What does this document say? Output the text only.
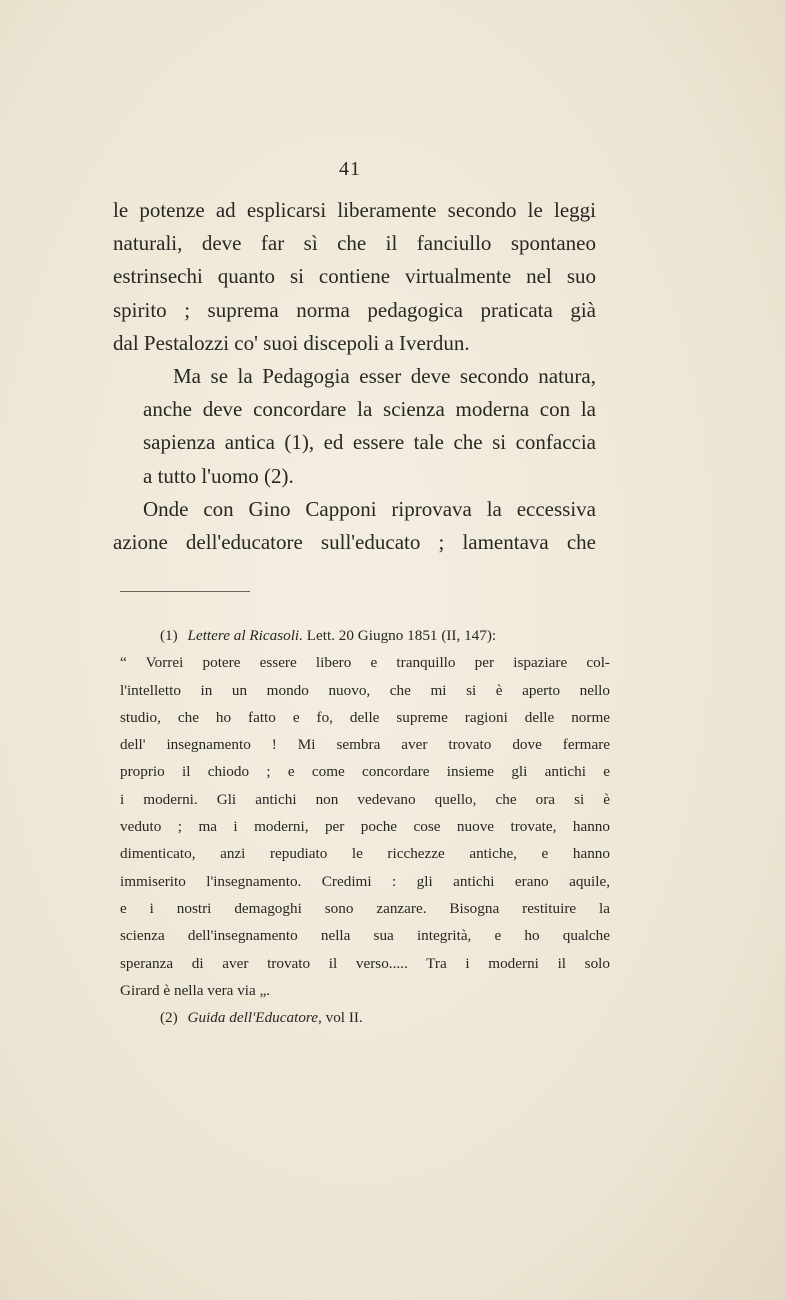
41

le potenze ad esplicarsi liberamente secondo le leggi
naturali, deve far sì che il fanciullo spontaneo
estrinsechi quanto si contiene virtualmente nel suo
spirito ; suprema norma pedagogica praticata già
dal Pestalozzi co' suoi discepoli a Iverdun.

Ma se la Pedagogia esser deve secondo natura,
anche deve concordare la scienza moderna con la
sapienza antica (1), ed essere tale che si confaccia
a tutto l'uomo (2).

Onde con Gino Capponi riprovava la eccessiva
azione dell'educatore sull'educato ; lamentava che

(1) Lettere al Ricasoli. Lett. 20 Giugno 1851 (II, 147):
“ Vorrei potere essere libero e tranquillo per ispaziare col-
l'intelletto in un mondo nuovo, che mi si è aperto nello
studio, che ho fatto e fo, delle supreme ragioni delle norme
dell' insegnamento ! Mi sembra aver trovato dove fermare
proprio il chiodo ; e come concordare insieme gli antichi e
i moderni. Gli antichi non vedevano quello, che ora si è
veduto ; ma i moderni, per poche cose nuove trovate, hanno
dimenticato, anzi repudiato le ricchezze antiche, e hanno
immiserito l'insegnamento. Credimi : gli antichi erano aquile,
e i nostri demagoghi sono zanzare. Bisogna restituire la
scienza dell'insegnamento nella sua integrità, e ho qualche
speranza di aver trovato il verso..... Tra i moderni il solo
Girard è nella vera via „.
(2) Guida dell'Educatore, vol II.
